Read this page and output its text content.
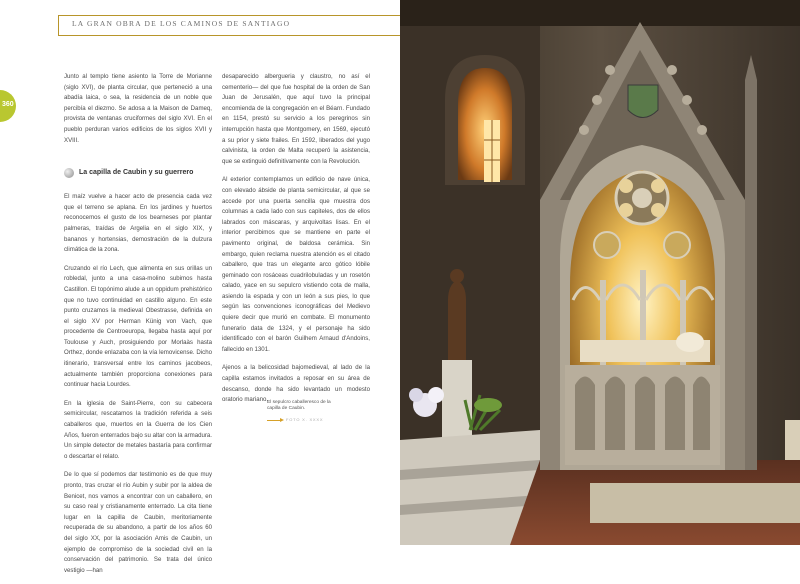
LA GRAN OBRA DE LOS CAMINOS DE SANTIAGO
360

Junto al templo tiene asiento la Torre de Morianne (siglo XVI), de planta circular, que perteneció a una abadía laica, o sea, la residencia de un noble que percibía el diezmo. Se adosa a la Maison de Dameq, provista de ventanas cruciformes del siglo XVI. En el pueblo perduran varios edificios de los siglos XVII y XVIII.

La capilla de Caubin y su guerrero

El maíz vuelve a hacer acto de presencia cada vez que el terreno se aplana. En los jardines y huertos reconocemos el gusto de los bearneses por plantar palmeras, traídas de Argelia en el siglo XIX, y bananos y hortensias, demostración de la dulzura climática de la zona.

Cruzando el río Lech, que alimenta en sus orillas un robledal, junto a una casa-molino subimos hasta Castillon. El topónimo alude a un oppidum prehistórico que no tuvo continuidad en castillo alguno. En este punto cruzamos la medieval Obestrasse, definida en el siglo XV por Herman Künig von Vach, que procedente de Centroeuropa, llegaba hasta aquí por Toulouse y Auch, prosiguiendo por Morlaàs hasta Orthez, donde enlazaba con la vía lemovicense. Dicho itinerario, transversal entre los caminos jacobeos, actualmente también proporciona conexiones para continuar hacia Lourdes.

En la iglesia de Saint-Pierre, con su cabecera semicircular, rescatamos la tradición referida a seis caballeros que, muertos en la Guerra de los Cien Años, fueron enterrados bajo su altar con la armadura. Un simple detector de metales bastaría para confirmar o descartar el relato.

De lo que sí podemos dar testimonio es de que muy pronto, tras cruzar el río Aubin y subir por la aldea de Benicet, nos vamos a encontrar con un caballero, en su caso real y cristianamente enterrado. La cita tiene lugar en la capilla de Caubin, meritoriamente recuperada de su abandono, a partir de los años 60 del siglo XX, por la asociación Amis de Caubin, un ejemplo de compromiso de la sociedad civil en la conservación del patrimonio. Se trata del único vestigio —han

desaparecido albergueria y claustro, no así el cementerio— del que fue hospital de la orden de San Juan de Jerusalén, que aquí tuvo la principal encomienda de la congregación en el Béarn. Fundado en 1154, prestó su servicio a los peregrinos sin interrupción hasta que Montgomery, en 1569, ejecutó a su prior y siete frailes. En 1592, liberados del yugo calvinista, la orden de Malta recuperó la asistencia, que se extinguió definitivamente con la Revolución.

Al exterior contemplamos un edificio de nave única, con elevado ábside de planta semicircular, al que se accede por una puerta sencilla que muestra dos columnas a cada lado con sus capiteles, dos de ellos labrados con máscaras, y arquivoltas lisas. En el interior percibimos que se mantiene en parte el pavimento original, de baldosa cerámica. Sin embargo, quien reclama nuestra atención es el citado caballero, que tras un elegante arco gótico lóbile geminado con rosáceas cuadrilobuladas y un rosetón calado, yace en su sepulcro vistiendo cota de malla, asiendo la espada y con un león a sus pies, lo que según las convenciones iconográficas del Medievo quiere decir que murió en combate. El monumento funerario data de 1324, y el personaje ha sido identificado con el barón Guilhem Arnaud d'Andoins, fallecido en 1301.

Ajenos a la belicosidad bajomedieval, al lado de la capilla estamos invitados a reposar en su área de descanso, donde ha sido levantado un modesto oratorio mariano.

El sepulcro caballeresco de la capilla de Caubin.
FOTO X. XXXX
